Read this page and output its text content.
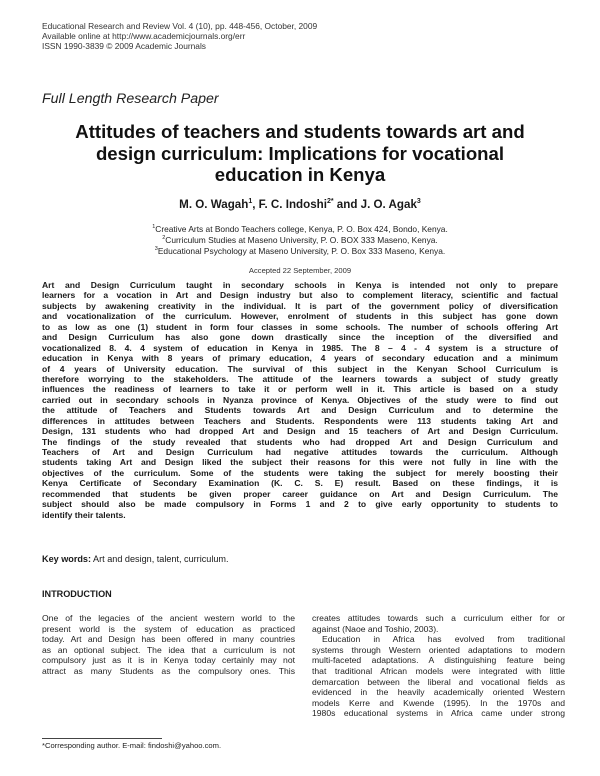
Educational Research and Review Vol. 4 (10), pp. 448-456, October, 2009
Available online at http://www.academicjournals.org/err
ISSN 1990-3839 © 2009 Academic Journals
Full Length Research Paper
Attitudes of teachers and students towards art and design curriculum: Implications for vocational education in Kenya
M. O. Wagah$^1$, F. C. Indoshi$^{2*}$ and J. O. Agak$^3$
$^1$Creative Arts at Bondo Teachers college, Kenya, P. O. Box 424, Bondo, Kenya.
$^2$Curriculum Studies at Maseno University, P. O. BOX 333 Maseno, Kenya.
$^3$Educational Psychology at Maseno University, P. O. Box 333 Maseno, Kenya.
Accepted 22 September, 2009
Art and Design Curriculum taught in secondary schools in Kenya is intended not only to prepare
learners for a vocation in Art and Design industry but also to complement literacy, scientific and factual
subjects by awakening creativity in the individual. It is part of the government policy of diversification
and vocationalization of the curriculum. However, enrolment of students in this subject has gone down
to as low as one (1) student in form four classes in some schools. The number of schools offering Art
and Design Curriculum has also gone down drastically since the inception of the diversified and
vocationalized 8. 4. 4 system of education in Kenya in 1985. The 8 – 4 - 4 system is a structure of
education in Kenya with 8 years of primary education, 4 years of secondary education and a minimum
of 4 years of University education. The survival of this subject in the Kenyan School Curriculum is
therefore worrying to the stakeholders. The attitude of the learners towards a subject of study greatly
influences the readiness of learners to take it or perform well in it. This article is based on a study
carried out in secondary schools in Nyanza province of Kenya. Objectives of the study were to find out
the attitude of Teachers and Students towards Art and Design Curriculum and to determine the
differences in attitudes between Teachers and Students. Respondents were 113 students taking Art and
Design, 131 students who had dropped Art and Design and 15 teachers of Art and Design Curriculum.
The findings of the study revealed that students who had dropped Art and Design Curriculum and
Teachers of Art and Design Curriculum had negative attitudes towards the curriculum. Although
students taking Art and Design liked the subject their reasons for this were not fully in line with the
objectives of the curriculum. Some of the students were taking the subject for merely boosting their
Kenya Certificate of Secondary Examination (K. C. S. E) result. Based on these findings, it is
recommended that students be given proper career guidance on Art and Design Curriculum. The
subject should also be made compulsory in Forms 1 and 2 to give early opportunity to students to
identify their talents.
Key words: Art and design, talent, curriculum.
INTRODUCTION
One of the legacies of the ancient western world to the
present world is the system of education as practiced
today. Art and Design has been offered in many countries
as an optional subject. The idea that a curriculum is not
compulsory just as it is in Kenya today certainly may not
attract as many Students as the compulsory ones. This
creates attitudes towards such a curriculum either for or
against (Naoe and Toshio, 2003).
Education in Africa has evolved from traditional
systems through Western oriented adaptations to modern
multi-faceted adaptations. A distinguishing feature being
that traditional African models were integrated with little
demarcation between the liberal and vocational fields as
evidenced in the heavily academically oriented Western
models Kerre and Kwende (1995). In the 1970s and
1980s educational systems in Africa came under strong
*Corresponding author. E-mail: findoshi@yahoo.com.
